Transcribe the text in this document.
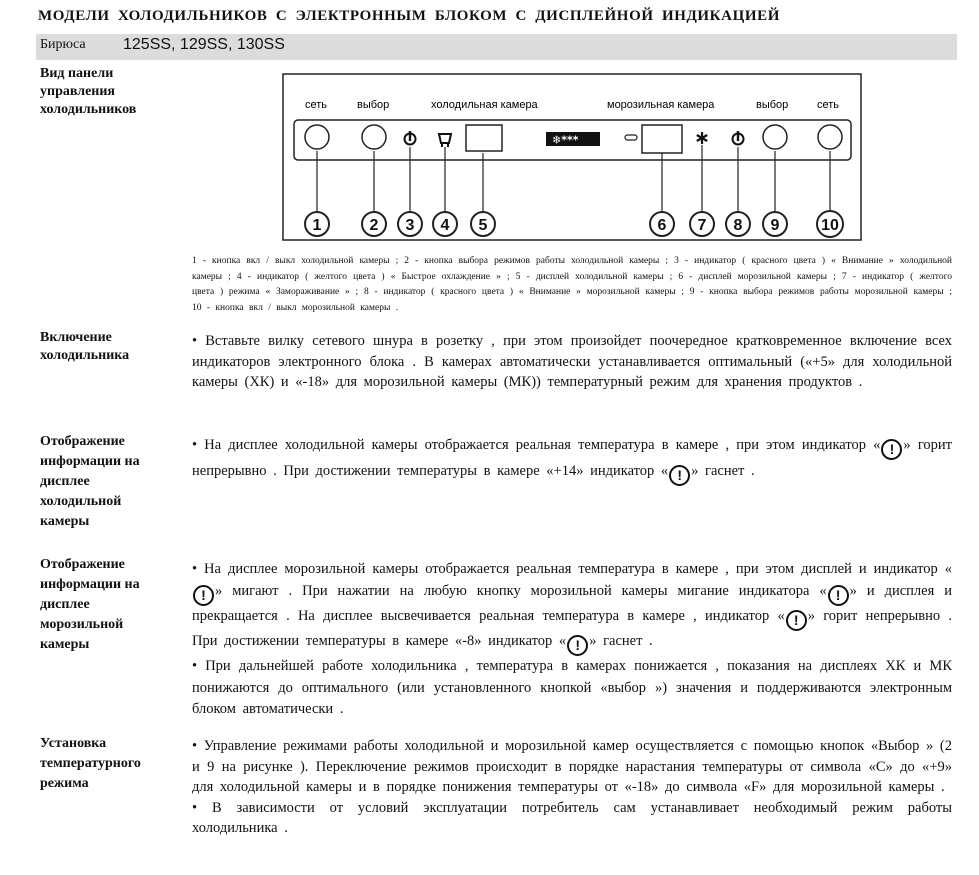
МОДЕЛИ ХОЛОДИЛЬНИКОВ С ЭЛЕКТРОННЫМ БЛОКОМ С ДИСПЛЕЙНОЙ ИНДИКАЦИЕЙ
Бирюса 125SS, 129SS, 130SS
Вид панели управления холодильников	сеть	выбор	холодильная камера	морозильная камера	выбор	сеть
❄***
1	2 3 4 5	6 7 8 9	10
1 - кнопка вкл / выкл холодильной камеры ; 2 - кнопка выбора режимов работы холодильной камеры ; 3 - индикатор ( красного цвета ) « Внимание » холодильной камеры ; 4 - индикатор ( желтого цвета ) « Быстрое охлаждение » ; 5 - дисплей холодильной камеры ; 6 - дисплей морозильной камеры ; 7 - индикатор ( желтого цвета ) режима « Замораживание » ; 8 - индикатор ( красного цвета ) « Внимание » морозильной камеры ; 9 - кнопка выбора режимов работы морозильной камеры ; 10 - кнопка вкл / выкл морозильной камеры .
Включение холодильника

• Вставьте вилку сетевого шнура в розетку , при этом произойдет поочередное кратковременное включение всех индикаторов электронного блока . В камерах автоматически устанавливается оптимальный («+5» для холодильной камеры (ХК) и «-18» для морозильной камеры (МК)) температурный режим для хранения продуктов .

Отображение информации на дисплее холодильной камеры

• На дисплее холодильной камеры отображается реальная температура в камере , при этом индикатор « ! » горит непрерывно . При достижении температуры в камере «+14» индикатор « ! » гаснет .

Отображение информации на дисплее морозильной камеры

• На дисплее морозильной камеры отображается реальная температура в камере , при этом дисплей и индикатор «! » мигают . При нажатии на любую кнопку морозильной камеры мигание индикатора « ! » и дисплея и прекращается . На дисплее высвечивается реальная температура в камере , индикатор « ! » горит непрерывно . При достижении температуры в камере «-8» индикатор « ! » гаснет .

• При дальнейшей работе холодильника , температура в камерах понижается , показания на дисплеях ХК и МК понижаются до оптимального (или установленного кнопкой «выбор ») значения и поддерживаются электронным блоком автоматически .

Установка температурного режима

• Управление режимами работы холодильной и морозильной камер осуществляется с помощью кнопок «Выбор » (2 и 9 на рисунке ). Переключение режимов происходит в порядке нарастания температуры от символа «С» до «+9» для холодильной камеры и в порядке понижения температуры от «-18» до символа «F» для морозильной камеры .

• В зависимости от условий эксплуатации потребитель сам устанавливает необходимый режим работы холодильника .
